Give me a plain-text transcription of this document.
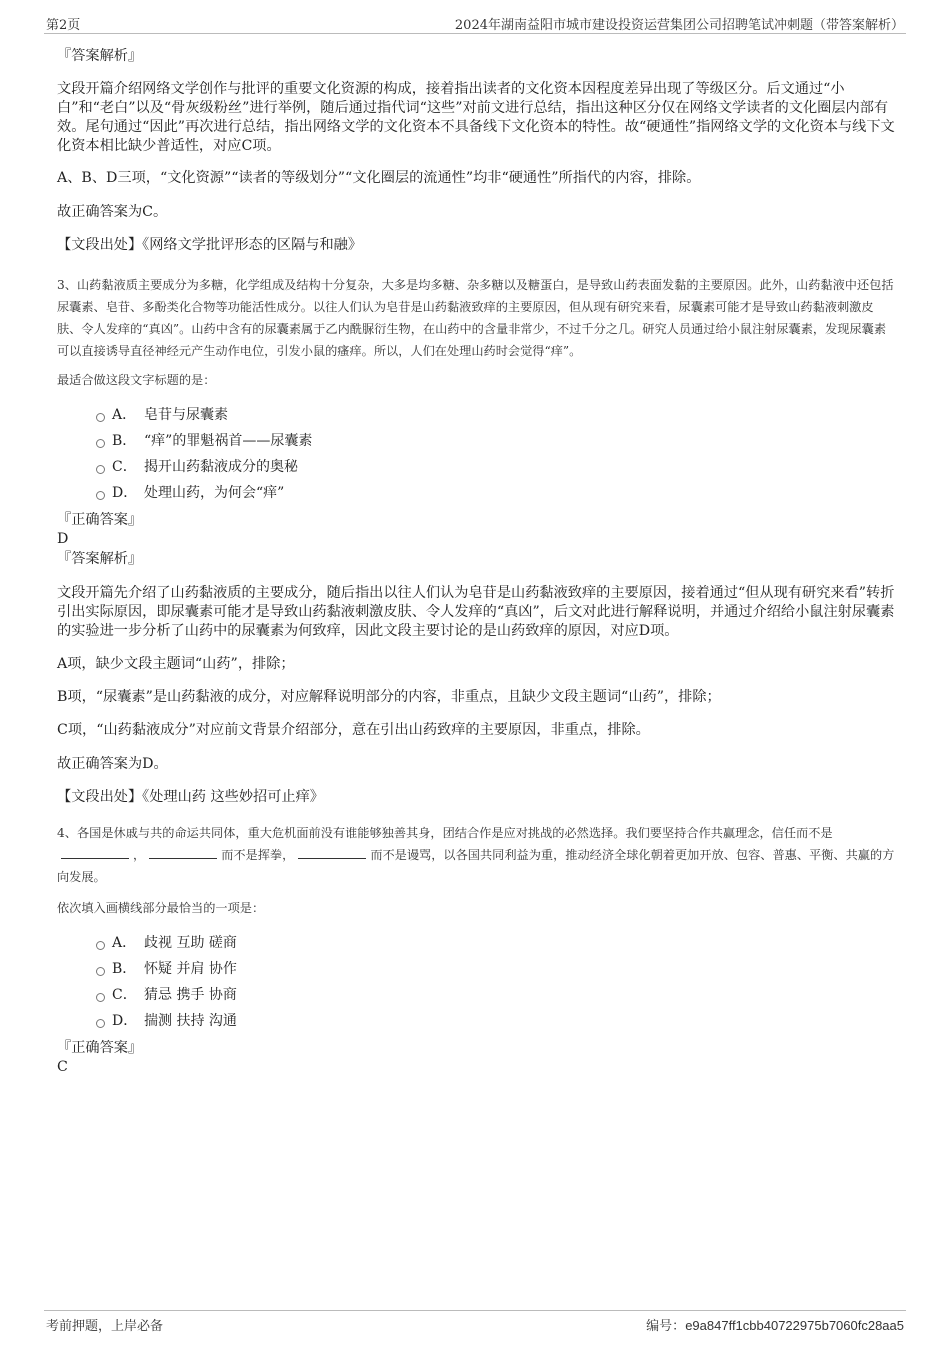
第2页	2024年湖南益阳市城市建设投资运营集团公司招聘笔试冲刺题（带答案解析）
『答案解析』
文段开篇介绍网络文学创作与批评的重要文化资源的构成，接着指出读者的文化资本因程度差异出现了等级区分。后文通过“小白”和“老白”以及“骨灰级粉丝”进行举例，随后通过指代词“这些”对前文进行总结，指出这种区分仅在网络文学读者的文化圈层内部有效。尾句通过“因此”再次进行总结，指出网络文学的文化资本不具备线下文化资本的特性。故“硬通性”指网络文学的文化资本与线下文化资本相比缺少普适性，对应C项。
A、B、D三项，“文化资源”“读者的等级划分”“文化圈层的流通性”均非“硬通性”所指代的内容，排除。
故正确答案为C。
【文段出处】《网络文学批评形态的区隔与和融》
3、山药黏液质主要成分为多糖，化学组成及结构十分复杂，大多是均多糖、杂多糖以及糖蛋白，是导致山药表面发黏的主要原因。此外，山药黏液中还包括尿囊素、皂苷、多酚类化合物等功能活性成分。以往人们认为皂苷是山药黏液致痒的主要原因，但从现有研究来看，尿囊素可能才是导致山药黏液刺激皮肤、令人发痒的“真凶”。山药中含有的尿囊素属于乙内酰脲衍生物，在山药中的含量非常少，不过千分之几。研究人员通过给小鼠注射尿囊素，发现尿囊素可以直接诱导直径神经元产生动作电位，引发小鼠的瘙痒。所以，人们在处理山药时会觉得“痒”。
最适合做这段文字标题的是：
A． 皂苷与尿囊素
B． “痒”的罪魁祸首——尿囊素
C． 揭开山药黏液成分的奥秘
D． 处理山药，为何会“痒”
『正确答案』
D
『答案解析』
文段开篇先介绍了山药黏液质的主要成分，随后指出以往人们认为皂苷是山药黏液致痒的主要原因，接着通过“但从现有研究来看”转折引出实际原因，即尿囊素可能才是导致山药黏液刺激皮肤、令人发痒的“真凶”，后文对此进行解释说明，并通过介绍给小鼠注射尿囊素的实验进一步分析了山药中的尿囊素为何致痒，因此文段主要讨论的是山药致痒的原因，对应D项。
A项，缺少文段主题词“山药”，排除；
B项，“尿囊素”是山药黏液的成分，对应解释说明部分的内容，非重点，且缺少文段主题词“山药”，排除；
C项，“山药黏液成分”对应前文背景介绍部分，意在引出山药致痒的主要原因，非重点，排除。
故正确答案为D。
【文段出处】《处理山药 这些妙招可止痒》
4、各国是休戚与共的命运共同体，重大危机面前没有谁能够独善其身，团结合作是应对挑战的必然选择。我们要坚持合作共赢理念，信任而不是，	而不是挥拳，	而不是谩骂，以各国共同利益为重，推动经济全球化朝着更加开放、包容、普惠、平衡、共赢的方向发展。
依次填入画横线部分最恰当的一项是：
A． 歧视 互助 磋商
B． 怀疑 并肩 协作
C． 猜忌 携手 协商
D． 揣测 扶持 沟通
『正确答案』
C
考前押题，上岸必备	编号：e9a847ff1cbb40722975b7060fc28aa5
